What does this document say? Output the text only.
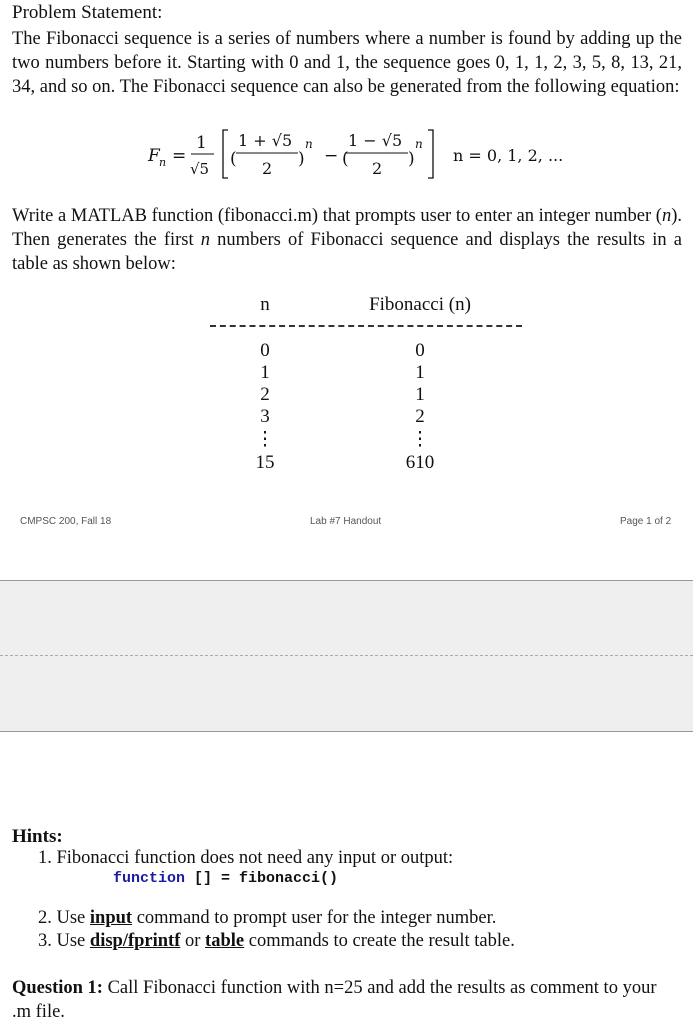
Problem Statement:
The Fibonacci sequence is a series of numbers where a number is found by adding up the two numbers before it. Starting with 0 and 1, the sequence goes 0, 1, 1, 2, 3, 5, 8, 13, 21, 34, and so on. The Fibonacci sequence can also be generated from the following equation:
F n =
1
√5 (
1 + √5
2 )
n
− (
1 − √5
2 )
n
n = 0, 1, 2, ...
Write a MATLAB function (fibonacci.m) that prompts user to enter an integer number (n). Then generates the first n numbers of Fibonacci sequence and displays the results in a table as shown below:
n	Fibonacci (n)
0	0
1	1
2	1
3	2
⋮	⋮
15	610
CMPSC 200, Fall 18	Lab #7 Handout	Page 1 of 2
Hints:
1. Fibonacci function does not need any input or output:
function [] = fibonacci()
2. Use input command to prompt user for the integer number.
3. Use disp/fprintf or table commands to create the result table.
Question 1: Call Fibonacci function with n=25 and add the results as comment to your .m file.
